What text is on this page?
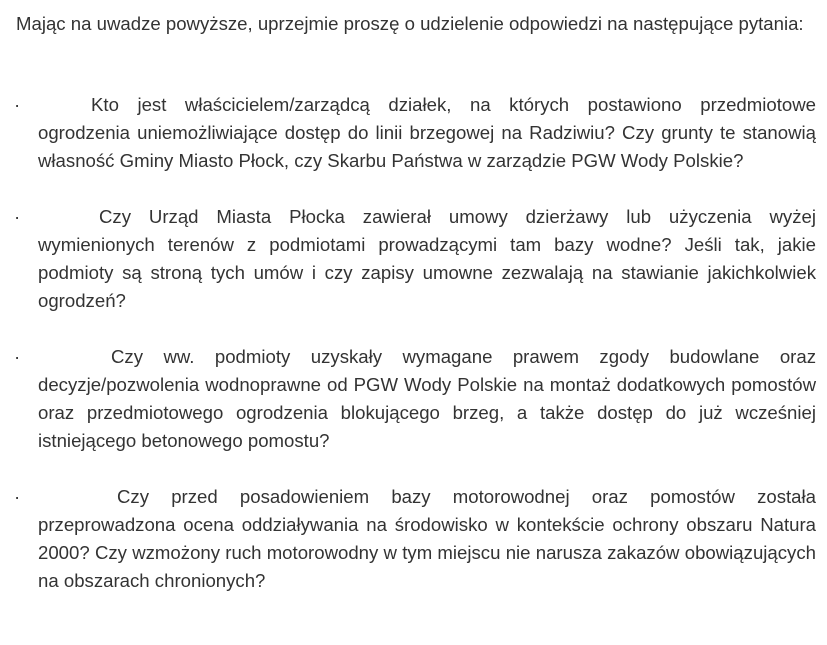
Mając na uwadze powyższe, uprzejmie proszę o udzielenie odpowiedzi na następujące pytania:

·	Kto jest właścicielem/zarządcą działek, na których postawiono przedmiotowe ogrodzenia uniemożliwiające dostęp do linii brzegowej na Radziwiu? Czy grunty te stanowią własność Gminy Miasto Płock, czy Skarbu Państwa w zarządzie PGW Wody Polskie?
·	Czy Urząd Miasta Płocka zawierał umowy dzierżawy lub użyczenia wyżej wymienionych terenów z podmiotami prowadzącymi tam bazy wodne? Jeśli tak, jakie podmioty są stroną tych umów i czy zapisy umowne zezwalają na stawianie jakichkolwiek ogrodzeń?
·	Czy ww. podmioty uzyskały wymagane prawem zgody budowlane oraz decyzje/pozwolenia wodnoprawne od PGW Wody Polskie na montaż dodatkowych pomostów oraz przedmiotowego ogrodzenia blokującego brzeg, a także dostęp do już wcześniej istniejącego betonowego pomostu?
·	Czy przed posadowieniem bazy motorowodnej oraz pomostów została przeprowadzona ocena oddziaływania na środowisko w kontekście ochrony obszaru Natura 2000? Czy wzmożony ruch motorowodny w tym miejscu nie narusza zakazów obowiązujących na obszarach chronionych?
